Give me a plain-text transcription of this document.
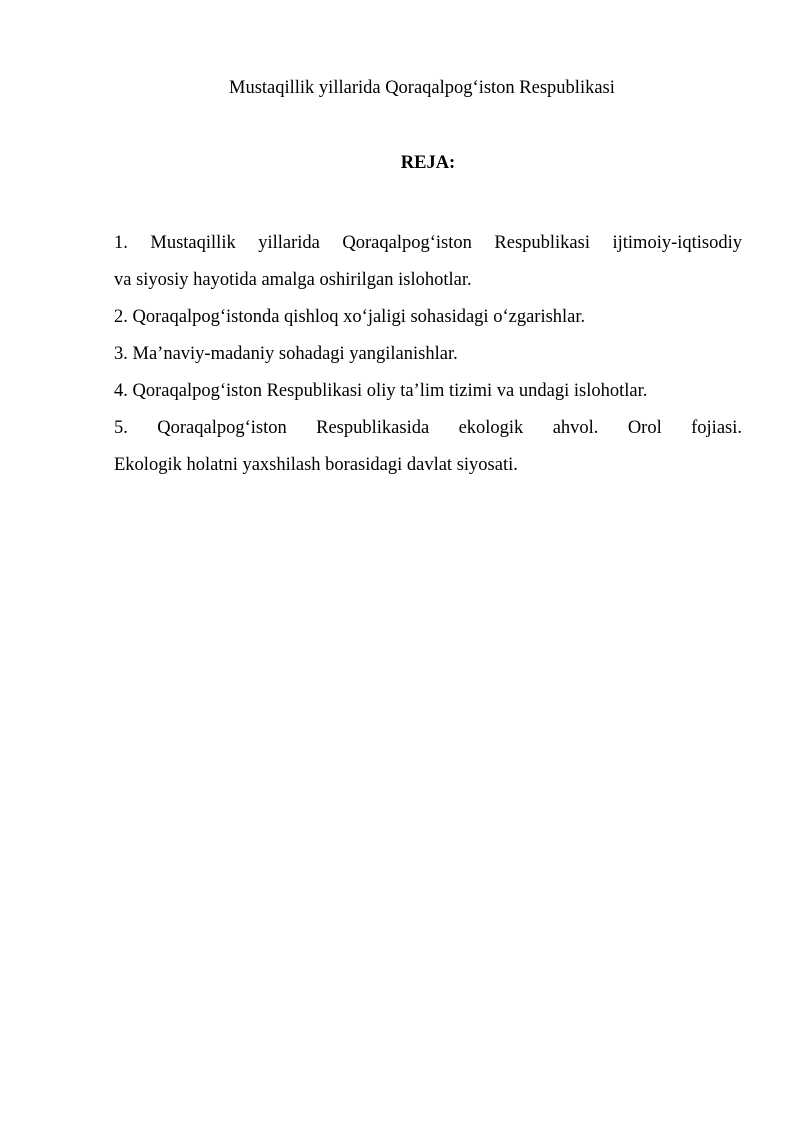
Mustaqillik yillarida Qoraqalpog‘iston Respublikasi
REJA:
1. Mustaqillik yillarida Qoraqalpog‘iston Respublikasi ijtimoiy-iqtisodiy
va siyosiy hayotida amalga oshirilgan islohotlar.
2. Qoraqalpog‘istonda qishloq xo‘jaligi sohasidagi o‘zgarishlar.
3. Ma’naviy-madaniy sohadagi yangilanishlar.
4. Qoraqalpog‘iston Respublikasi oliy ta’lim tizimi va undagi islohotlar.
5. Qoraqalpog‘iston Respublikasida ekologik ahvol. Orol fojiasi.
Ekologik holatni yaxshilash borasidagi davlat siyosati.
